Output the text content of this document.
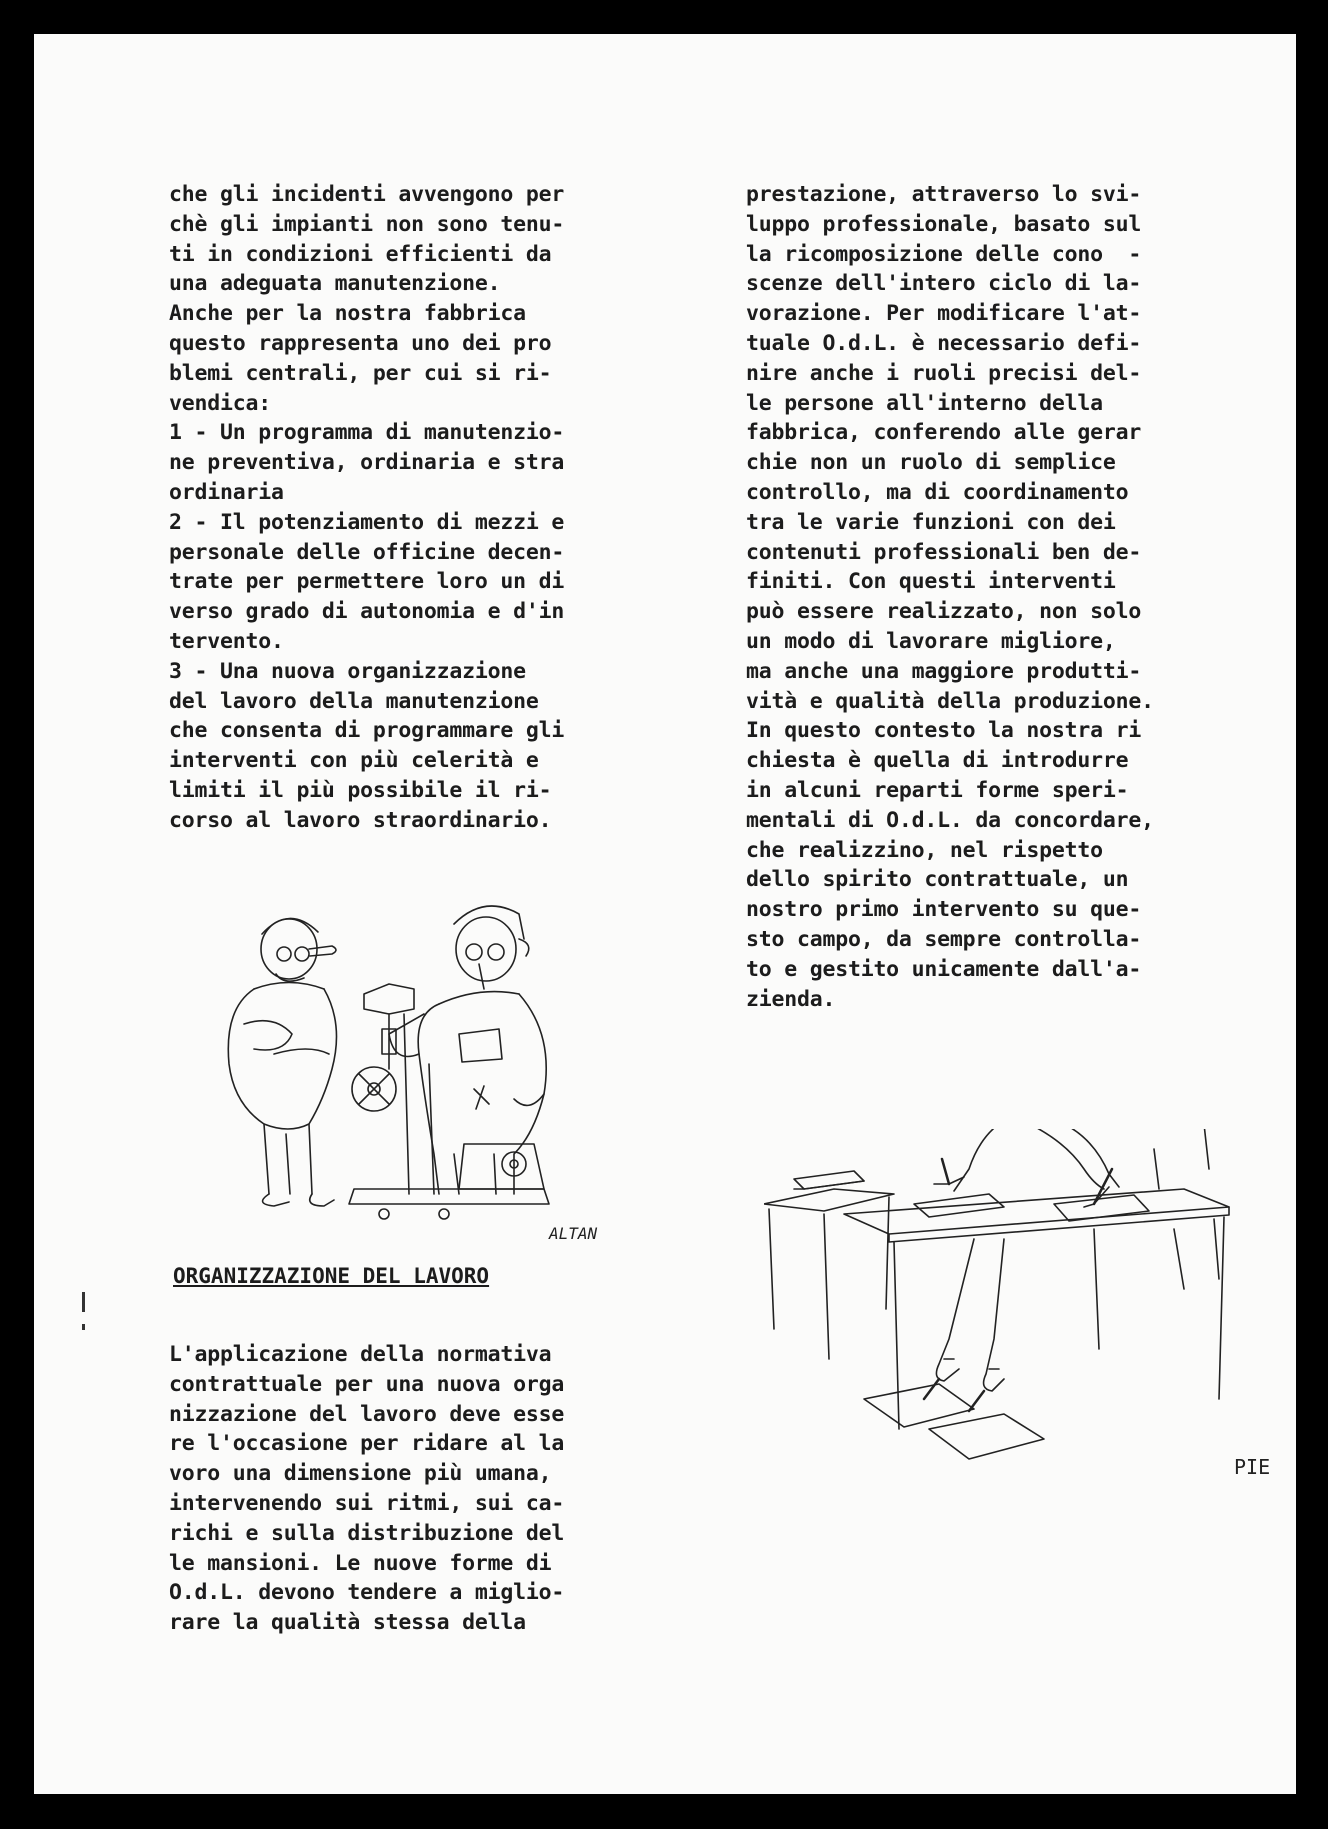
che gli incidenti avvengono per
chè gli impianti non sono tenu-
ti in condizioni efficienti da
una adeguata manutenzione.
Anche per la nostra fabbrica
questo rappresenta uno dei pro
blemi centrali, per cui si ri-
vendica:
1 - Un programma di manutenzio-
ne preventiva, ordinaria e stra
ordinaria
2 - Il potenziamento di mezzi e
personale delle officine decen-
trate per permettere loro un di
verso grado di autonomia e d'in
tervento.
3 - Una nuova organizzazione
del lavoro della manutenzione
che consenta di programmare gli
interventi con più celerità e
limiti il più possibile il ri-
corso al lavoro straordinario.
prestazione, attraverso lo svi-
luppo professionale, basato sul
la ricomposizione delle cono  -
scenze dell'intero ciclo di la-
vorazione. Per modificare l'at-
tuale O.d.L. è necessario defi-
nire anche i ruoli precisi del-
le persone all'interno della
fabbrica, conferendo alle gerar
chie non un ruolo di semplice
controllo, ma di coordinamento
tra le varie funzioni con dei
contenuti professionali ben de-
finiti. Con questi interventi
può essere realizzato, non solo
un modo di lavorare migliore,
ma anche una maggiore produtti-
vità e qualità della produzione.
In questo contesto la nostra ri
chiesta è quella di introdurre
in alcuni reparti forme speri-
mentali di O.d.L. da concordare,
che realizzino, nel rispetto
dello spirito contrattuale, un
nostro primo intervento su que-
sto campo, da sempre controlla-
to e gestito unicamente dall'a-
zienda.
ORGANIZZAZIONE DEL LAVORO
L'applicazione della normativa
contrattuale per una nuova orga
nizzazione del lavoro deve esse
re l'occasione per ridare al la
voro una dimensione più umana,
intervenendo sui ritmi, sui ca-
richi e sulla distribuzione del
le mansioni. Le nuove forme di
O.d.L. devono tendere a miglio-
rare la qualità stessa della
ALTAN
PIE
